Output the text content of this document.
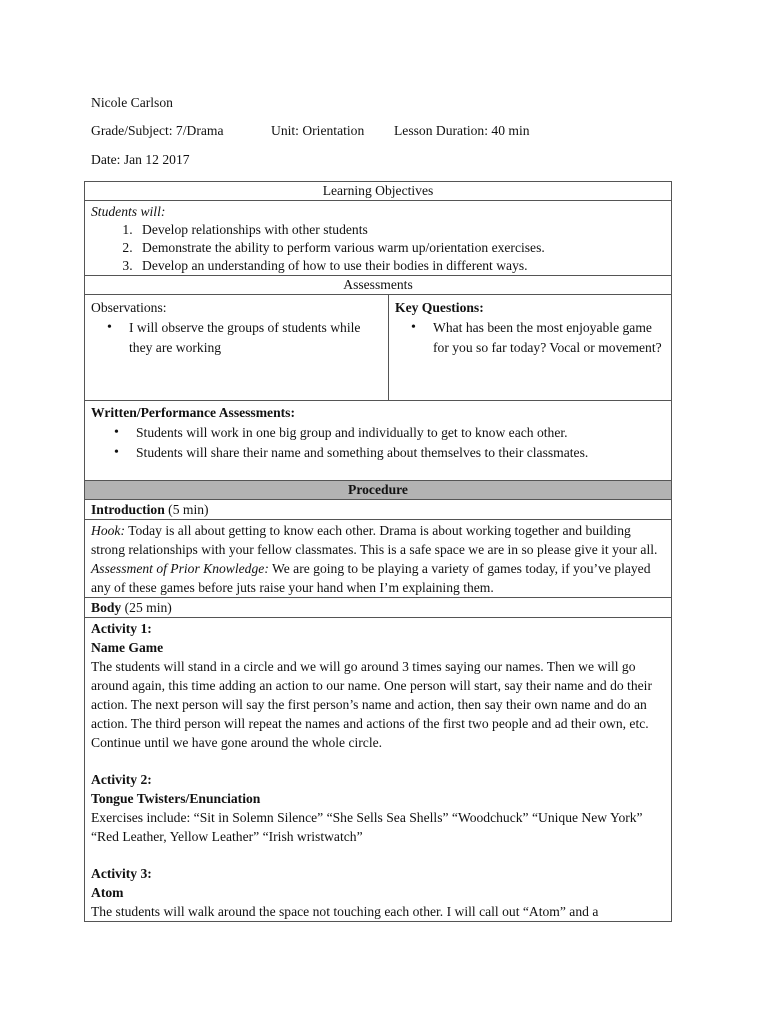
Nicole Carlson

Grade/Subject: 7/Drama

	Unit: Orientation

Lesson Duration: 40 min

Date: Jan 12 2017
Learning Objectives
Students will:
1. Develop relationships with other students
2. Demonstrate the ability to perform various warm up/orientation exercises.
3. Develop an understanding of how to use their bodies in different ways.
Assessments
Observations:
• I will observe the groups of students while they are working
Key Questions:
• What has been the most enjoyable game for you so far today? Vocal or movement?
Written/Performance Assessments:
• Students will work in one big group and individually to get to know each other.
• Students will share their name and something about themselves to their classmates.
Procedure
Introduction (5 min)
Hook: Today is all about getting to know each other. Drama is about working together and building strong relationships with your fellow classmates. This is a safe space we are in so please give it your all.
Assessment of Prior Knowledge: We are going to be playing a variety of games today, if you’ve played any of these games before juts raise your hand when I’m explaining them.
Body (25 min)
Activity 1:
Name Game
The students will stand in a circle and we will go around 3 times saying our names. Then we will go around again, this time adding an action to our name. One person will start, say their name and do their action. The next person will say the first person’s name and action, then say their own name and do an action. The third person will repeat the names and actions of the first two people and ad their own, etc. Continue until we have gone around the whole circle.
Activity 2:
Tongue Twisters/Enunciation
Exercises include: “Sit in Solemn Silence” “She Sells Sea Shells” “Woodchuck” “Unique New York” “Red Leather, Yellow Leather” “Irish wristwatch”
Activity 3:
Atom
The students will walk around the space not touching each other. I will call out “Atom” and a
